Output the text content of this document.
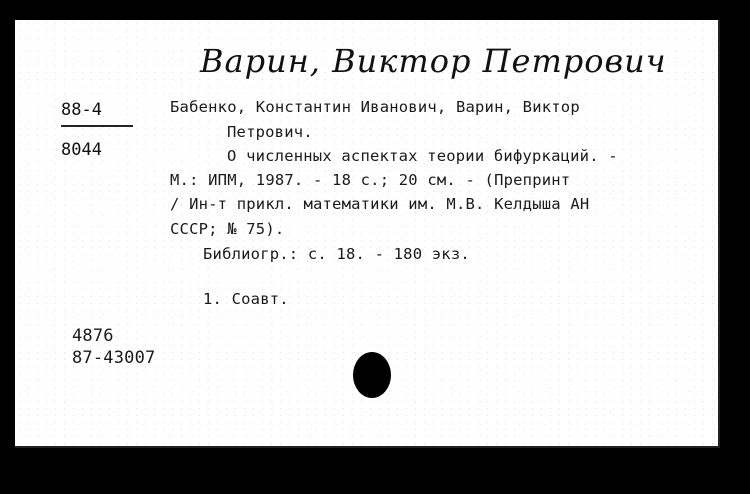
Варин, Виктор Петрович
88-4
8044
Бабенко, Константин Иванович, Варин, Виктор
Петрович.
О численных аспектах теории бифуркаций. -
М.: ИПМ, 1987. - 18 с.; 20 см. - (Препринт
/ Ин-т прикл. математики им. М.В. Келдыша АН
СССР; № 75).
Библиогр.: с. 18. - 180 экз.
1. Соавт.
4876
87-43007
